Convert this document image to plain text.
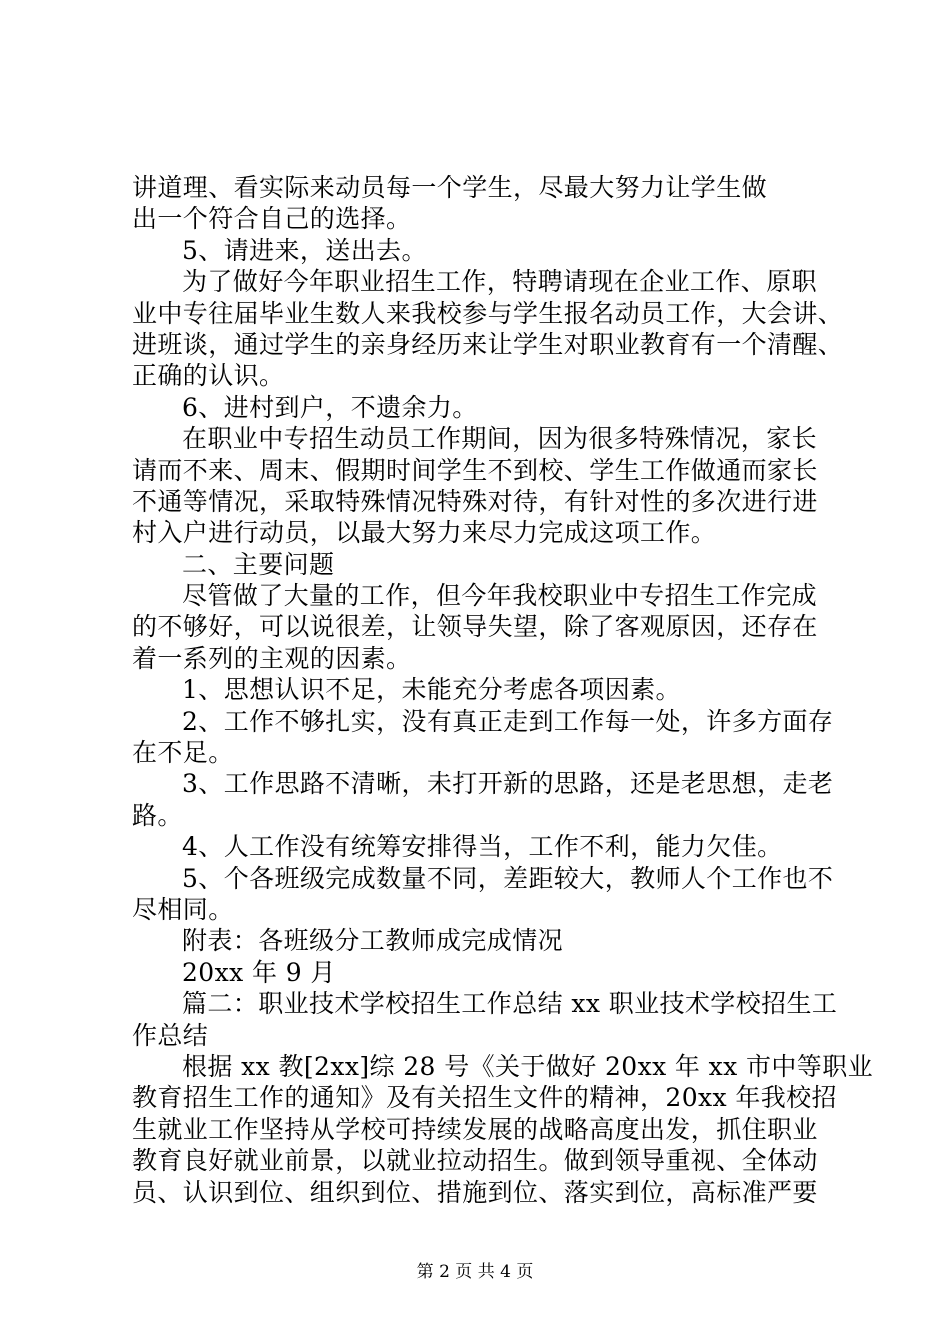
讲道理、看实际来动员每一个学生，尽最大努力让学生做
出一个符合自己的选择。
5、请进来，送出去。
为了做好今年职业招生工作，特聘请现在企业工作、原职
业中专往届毕业生数人来我校参与学生报名动员工作，大会讲、
进班谈，通过学生的亲身经历来让学生对职业教育有一个清醒、
正确的认识。
6、进村到户，不遗余力。
在职业中专招生动员工作期间，因为很多特殊情况，家长
请而不来、周末、假期时间学生不到校、学生工作做通而家长
不通等情况，采取特殊情况特殊对待，有针对性的多次进行进
村入户进行动员，以最大努力来尽力完成这项工作。
二、主要问题
尽管做了大量的工作，但今年我校职业中专招生工作完成
的不够好，可以说很差，让领导失望，除了客观原因，还存在
着一系列的主观的因素。
1、思想认识不足，未能充分考虑各项因素。
2、工作不够扎实，没有真正走到工作每一处，许多方面存
在不足。
3、工作思路不清晰，未打开新的思路，还是老思想，走老
路。
4、人工作没有统筹安排得当，工作不利，能力欠佳。
5、个各班级完成数量不同，差距较大，教师人个工作也不
尽相同。
附表：各班级分工教师成完成情况
20xx 年 9 月
篇二：职业技术学校招生工作总结 xx 职业技术学校招生工
作总结
根据 xx 教[2xx]综 28 号《关于做好 20xx 年 xx 市中等职业
教育招生工作的通知》及有关招生文件的精神，20xx 年我校招
生就业工作坚持从学校可持续发展的战略高度出发，抓住职业
教育良好就业前景，以就业拉动招生。做到领导重视、全体动
员、认识到位、组织到位、措施到位、落实到位，高标准严要
第 2 页 共 4 页
